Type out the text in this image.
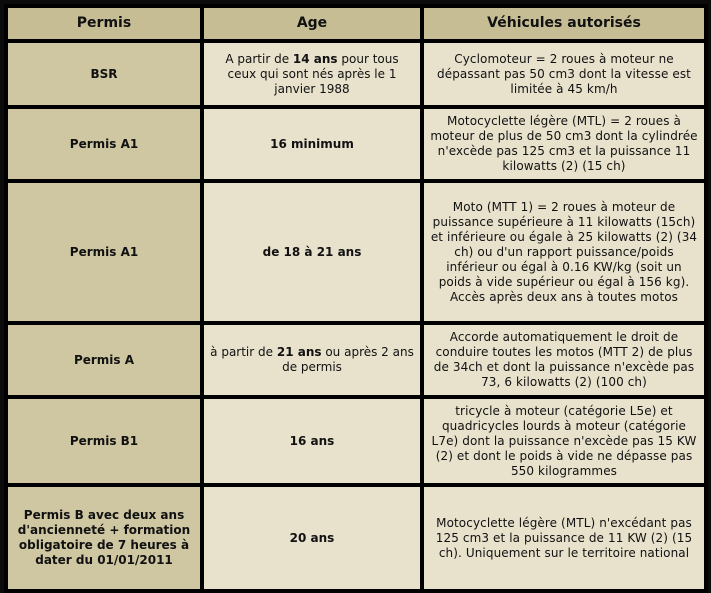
Permis	Age	Véhicules autorisés
BSR	A partir de 14 ans pour tous ceux qui sont nés après le 1 janvier 1988	Cyclomoteur = 2 roues à moteur ne dépassant pas 50 cm3 dont la vitesse est limitée à 45 km/h
Permis A1	16 minimum	Motocyclette légère (MTL) = 2 roues à moteur de plus de 50 cm3 dont la cylindrée n'excède pas 125 cm3 et la puissance 11 kilowatts (2) (15 ch)
Permis A1	de 18 à 21 ans	Moto (MTT 1) = 2 roues à moteur de puissance supérieure à 11 kilowatts (15ch) et inférieure ou égale à 25 kilowatts (2) (34 ch) ou d'un rapport puissance/poids inférieur ou égal à 0.16 KW/kg (soit un poids à vide supérieur ou égal à 156 kg). Accès après deux ans à toutes motos
Permis A	à partir de 21 ans ou après 2 ans de permis	Accorde automatiquement le droit de conduire toutes les motos (MTT 2) de plus de 34ch et dont la puissance n'excède pas 73, 6 kilowatts (2) (100 ch)
Permis B1	16 ans	tricycle à moteur (catégorie L5e) et quadricycles lourds à moteur (catégorie L7e) dont la puissance n'excède pas 15 KW (2) et dont le poids à vide ne dépasse pas 550 kilogrammes
Permis B avec deux ans d'ancienneté + formation obligatoire de 7 heures à dater du 01/01/2011	20 ans	Motocyclette légère (MTL) n'excédant pas 125 cm3 et la puissance de 11 KW (2) (15 ch). Uniquement sur le territoire national
